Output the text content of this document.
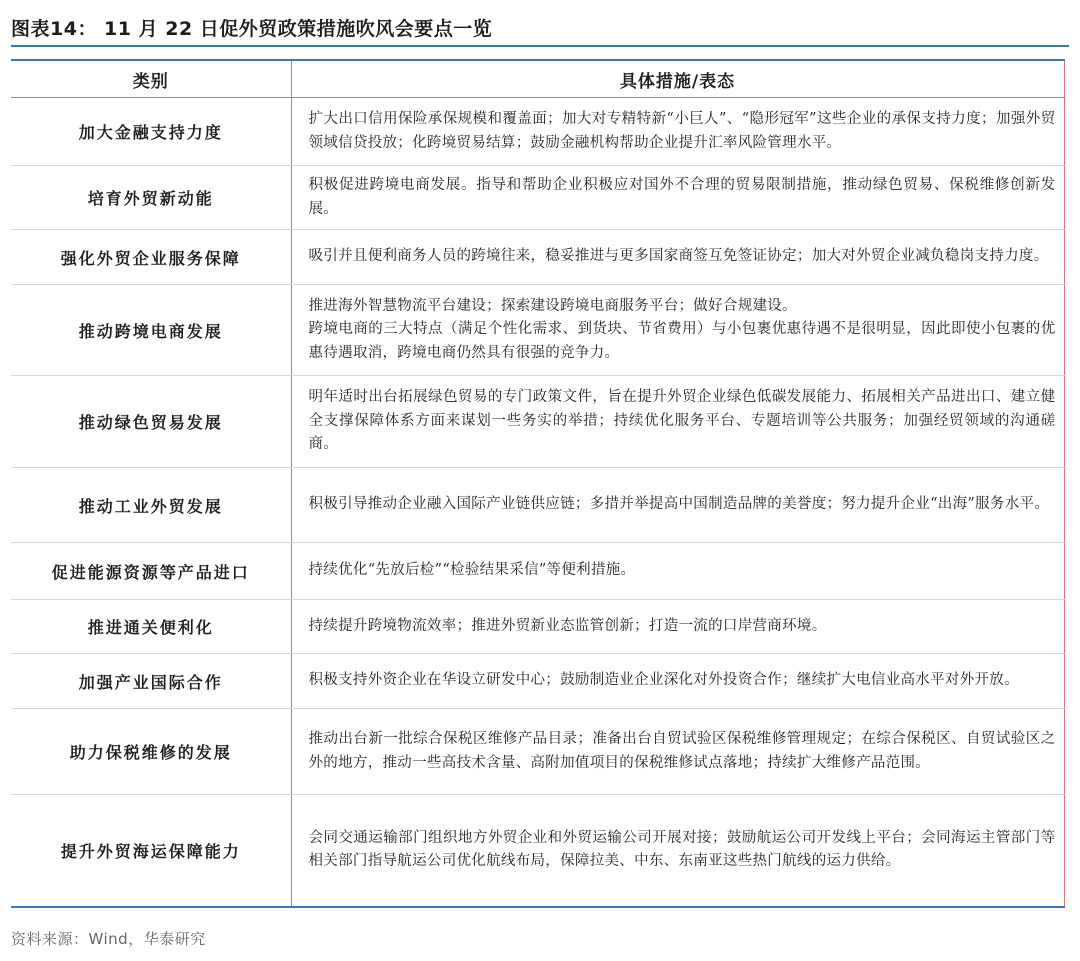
图表14： 11 月 22 日促外贸政策措施吹风会要点一览
类别	具体措施/表态
加大金融支持力度	扩大出口信用保险承保规模和覆盖面；加大对专精特新“小巨人”、“隐形冠军”这些企业的承保支持力度；加强外贸领域信贷投放；化跨境贸易结算；鼓励金融机构帮助企业提升汇率风险管理水平。

培育外贸新动能	积极促进跨境电商发展。指导和帮助企业积极应对国外不合理的贸易限制措施，推动绿色贸易、保税维修创新发展。

强化外贸企业服务保障	吸引并且便利商务人员的跨境往来，稳妥推进与更多国家商签互免签证协定；加大对外贸企业减负稳岗支持力度。

推动跨境电商发展	推进海外智慧物流平台建设；探索建设跨境电商服务平台；做好合规建设。
跨境电商的三大特点（满足个性化需求、到货块、节省费用）与小包裹优惠待遇不是很明显，因此即使小包裹的优惠待遇取消，跨境电商仍然具有很强的竞争力。

推动绿色贸易发展	明年适时出台拓展绿色贸易的专门政策文件，旨在提升外贸企业绿色低碳发展能力、拓展相关产品进出口、建立健全支撑保障体系方面来谋划一些务实的举措；持续优化服务平台、专题培训等公共服务；加强经贸领域的沟通磋商。

推动工业外贸发展	积极引导推动企业融入国际产业链供应链；多措并举提高中国制造品牌的美誉度；努力提升企业“出海”服务水平。

促进能源资源等产品进口	持续优化“先放后检”“检验结果采信”等便利措施。

推进通关便利化	持续提升跨境物流效率；推进外贸新业态监管创新；打造一流的口岸营商环境。

加强产业国际合作	积极支持外资企业在华设立研发中心；鼓励制造业企业深化对外投资合作；继续扩大电信业高水平对外开放。

助力保税维修的发展	推动出台新一批综合保税区维修产品目录；准备出台自贸试验区保税维修管理规定；在综合保税区、自贸试验区之外的地方，推动一些高技术含量、高附加值项目的保税维修试点落地；持续扩大维修产品范围。

提升外贸海运保障能力	会同交通运输部门组织地方外贸企业和外贸运输公司开展对接；鼓励航运公司开发线上平台；会同海运主管部门等相关部门指导航运公司优化航线布局，保障拉美、中东、东南亚这些热门航线的运力供给。
资料来源：Wind，华泰研究
